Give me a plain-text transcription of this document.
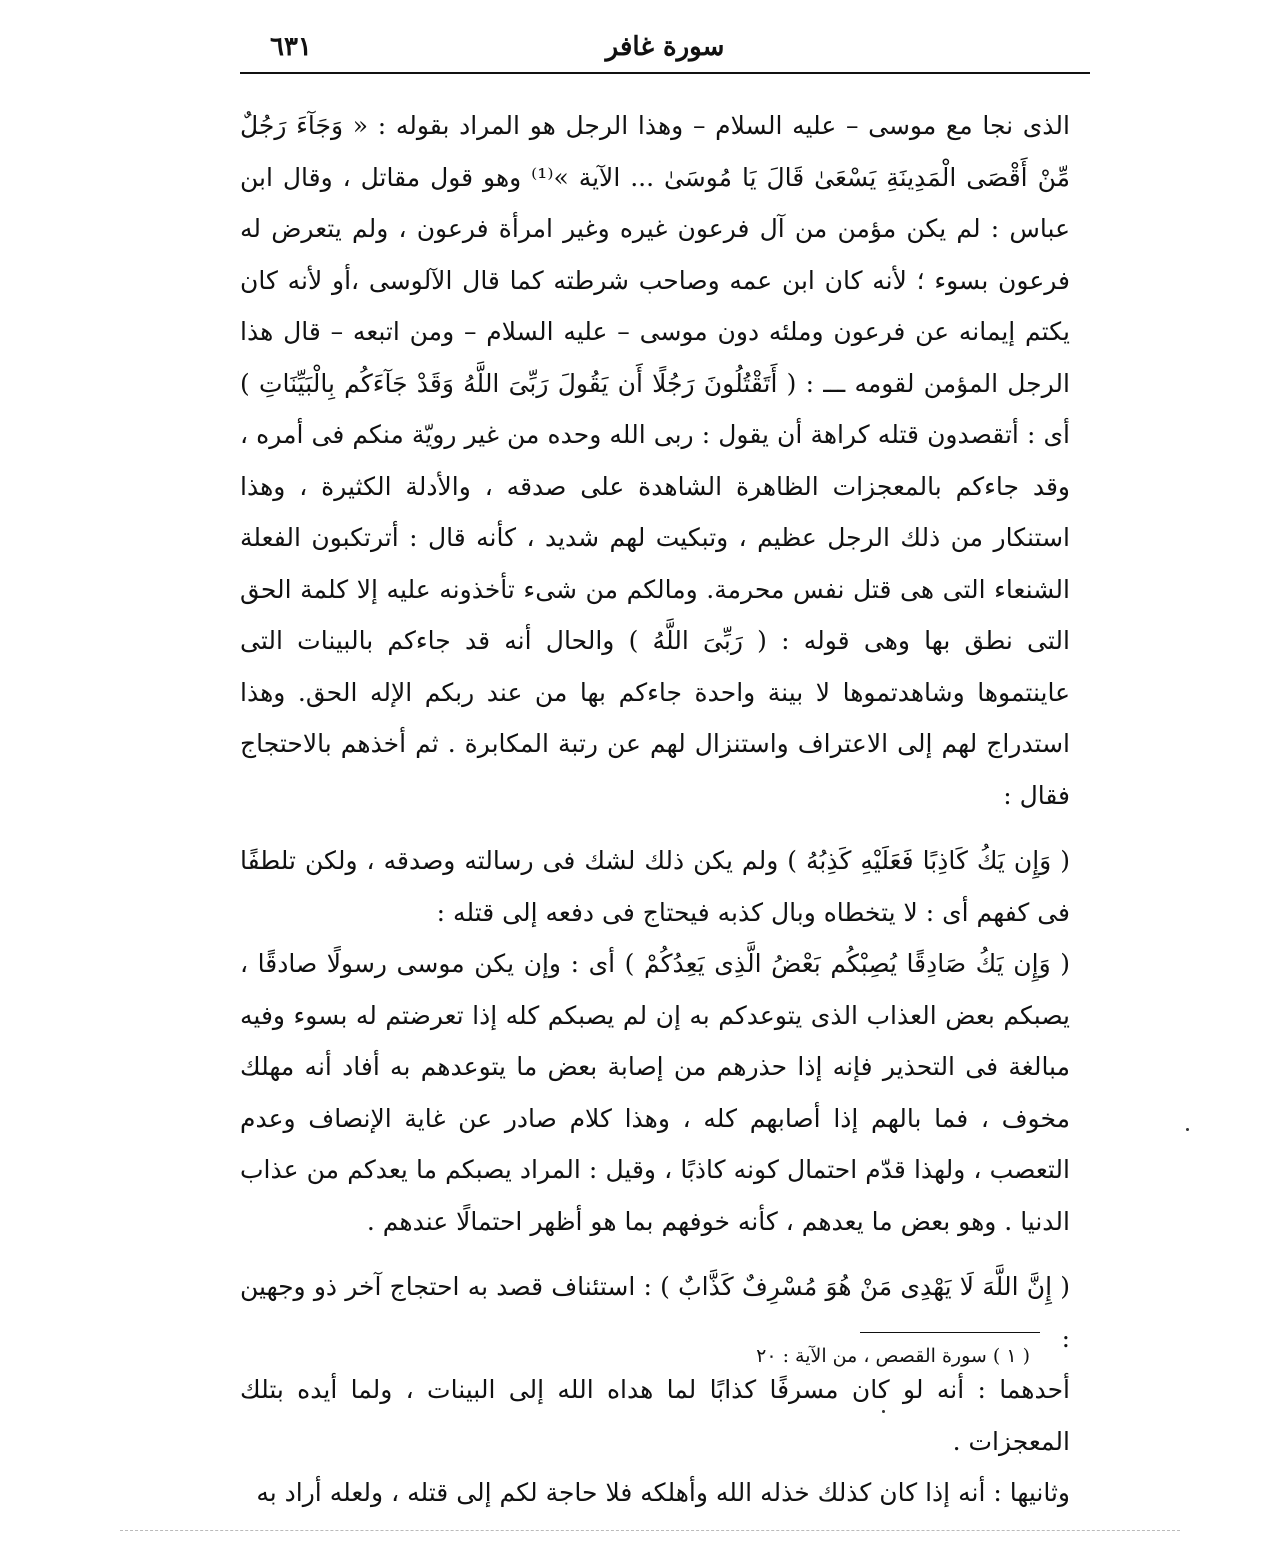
٦٣١	سورة غافر

الذى نجا مع موسى – عليه السلام – وهذا الرجل هو المراد بقوله : « وَجَآءَ رَجُلٌ مِّنْ أَقْصَى الْمَدِينَةِ يَسْعَىٰ قَالَ يَا مُوسَىٰ ... الآية »⁽¹⁾ وهو قول مقاتل ، وقال ابن عباس : لم يكن مؤمن من آل فرعون غيره وغير امرأة فرعون ، ولم يتعرض له فرعون بسوء ؛ لأنه كان ابن عمه وصاحب شرطته كما قال الآلوسى ،أو لأنه كان يكتم إيمانه عن فرعون وملئه دون موسى – عليه السلام – ومن اتبعه – قال هذا الرجل المؤمن لقومه ـــ : ( أَتَقْتُلُونَ رَجُلًا أَن يَقُولَ رَبِّىَ اللَّهُ وَقَدْ جَآءَكُم بِالْبَيِّنَاتِ ) أى : أتقصدون قتله كراهة أن يقول : ربى الله وحده من غير رويّة منكم فى أمره ، وقد جاءكم بالمعجزات الظاهرة الشاهدة على صدقه ، والأدلة الكثيرة ، وهذا استنكار من ذلك الرجل عظيم ، وتبكيت لهم شديد ، كأنه قال : أترتكبون الفعلة الشنعاء التى هى قتل نفس محرمة. ومالكم من شىء تأخذونه عليه إلا كلمة الحق التى نطق بها وهى قوله : ( رَبِّىَ اللَّهُ ) والحال أنه قد جاءكم بالبينات التى عاينتموها وشاهدتموها لا بينة واحدة جاءكم بها من عند ربكم الإله الحق. وهذا استدراج لهم إلى الاعتراف واستنزال لهم عن رتبة المكابرة . ثم أخذهم بالاحتجاج فقال :

( وَإِن يَكُ كَاذِبًا فَعَلَيْهِ كَذِبُهُ ) ولم يكن ذلك لشك فى رسالته وصدقه ، ولكن تلطفًا فى كفهم أى : لا يتخطاه وبال كذبه فيحتاج فى دفعه إلى قتله :

( وَإِن يَكُ صَادِقًا يُصِبْكُم بَعْضُ الَّذِى يَعِدُكُمْ ) أى : وإن يكن موسى رسولًا صادقًا ، يصبكم بعض العذاب الذى يتوعدكم به إن لم يصبكم كله إذا تعرضتم له بسوء وفيه مبالغة فى التحذير فإنه إذا حذرهم من إصابة بعض ما يتوعدهم به أفاد أنه مهلك مخوف ، فما بالهم إذا أصابهم كله ، وهذا كلام صادر عن غاية الإنصاف وعدم التعصب ، ولهذا قدّم احتمال كونه كاذبًا ، وقيل : المراد يصبكم ما يعدكم من عذاب الدنيا . وهو بعض ما يعدهم ، كأنه خوفهم بما هو أظهر احتمالًا عندهم .

( إِنَّ اللَّهَ لَا يَهْدِى مَنْ هُوَ مُسْرِفٌ كَذَّابٌ ) : استئناف قصد به احتجاج آخر ذو وجهين :

أحدهما : أنه لو كان مسرفًا كذابًا لما هداه الله إلى البينات ، ولما أيده بتلك المعجزات .

وثانيها : أنه إذا كان كذلك خذله الله وأهلكه فلا حاجة لكم إلى قتله ، ولعله أراد به

( ١ ) سورة القصص ، من الآية : ٢٠
